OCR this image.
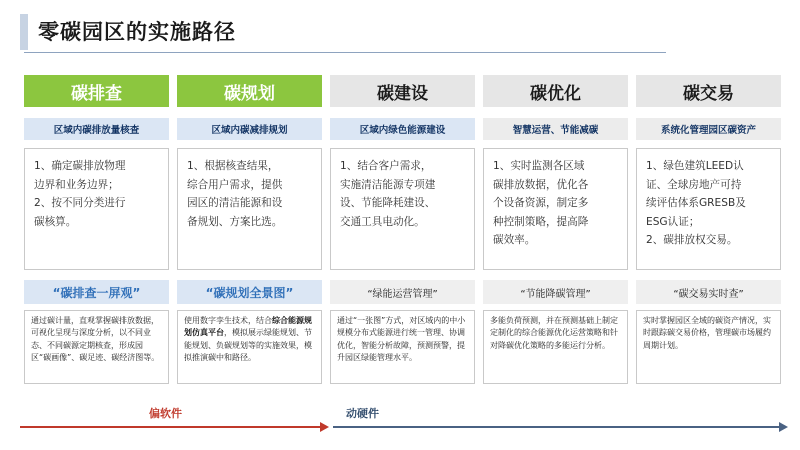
零碳园区的实施路径
碳排查
区域内碳排放量核查

1、确定碳排放物理
边界和业务边界；
2、按不同分类进行
碳核算。

“碳排查一屏观”
通过碳计量，直观掌握碳排放数据，可视化呈现与深度分析，以不同业态、不同碳源定期核查，形成园区“碳画像”、碳足迹、碳经济图等。
碳规划
区域内碳减排规划

1、根据核查结果，
综合用户需求，提供
园区的清洁能源和设
备规划、方案比选。

“碳规划全景图”
使用数字孪生技术，结合综合能源规划仿真平台，模拟展示绿能规划、节能规划、负碳规划等的实施效果，模拟推演碳中和路径。
碳建设
区域内绿色能源建设

1、结合客户需求，
实施清洁能源专项建
设、节能降耗建设、
交通工具电动化。

“绿能运营管理”
通过“一张图”方式，对区域内的中小规模分布式能源进行统一管理、协调优化，智能分析故障，预测预警，提升园区绿能管理水平。
碳优化
智慧运营、节能减碳

1、实时监测各区域
碳排放数据，优化各
个设备资源，制定多
种控制策略，提高降
碳效率。

“节能降碳管理”
多能负荷预测，并在预测基础上制定定制化的综合能源优化运营策略和针对降碳优化策略的多能运行分析。
碳交易
系统化管理园区碳资产

1、绿色建筑LEED认
证、全球房地产可持
续评估体系GRESB及
ESG认证；
2、碳排放权交易。

“碳交易实时查”
实时掌握园区全域的碳资产情况，实时跟踪碳交易价格，管理碳市场履约周期计划。
偏软件	动硬件
